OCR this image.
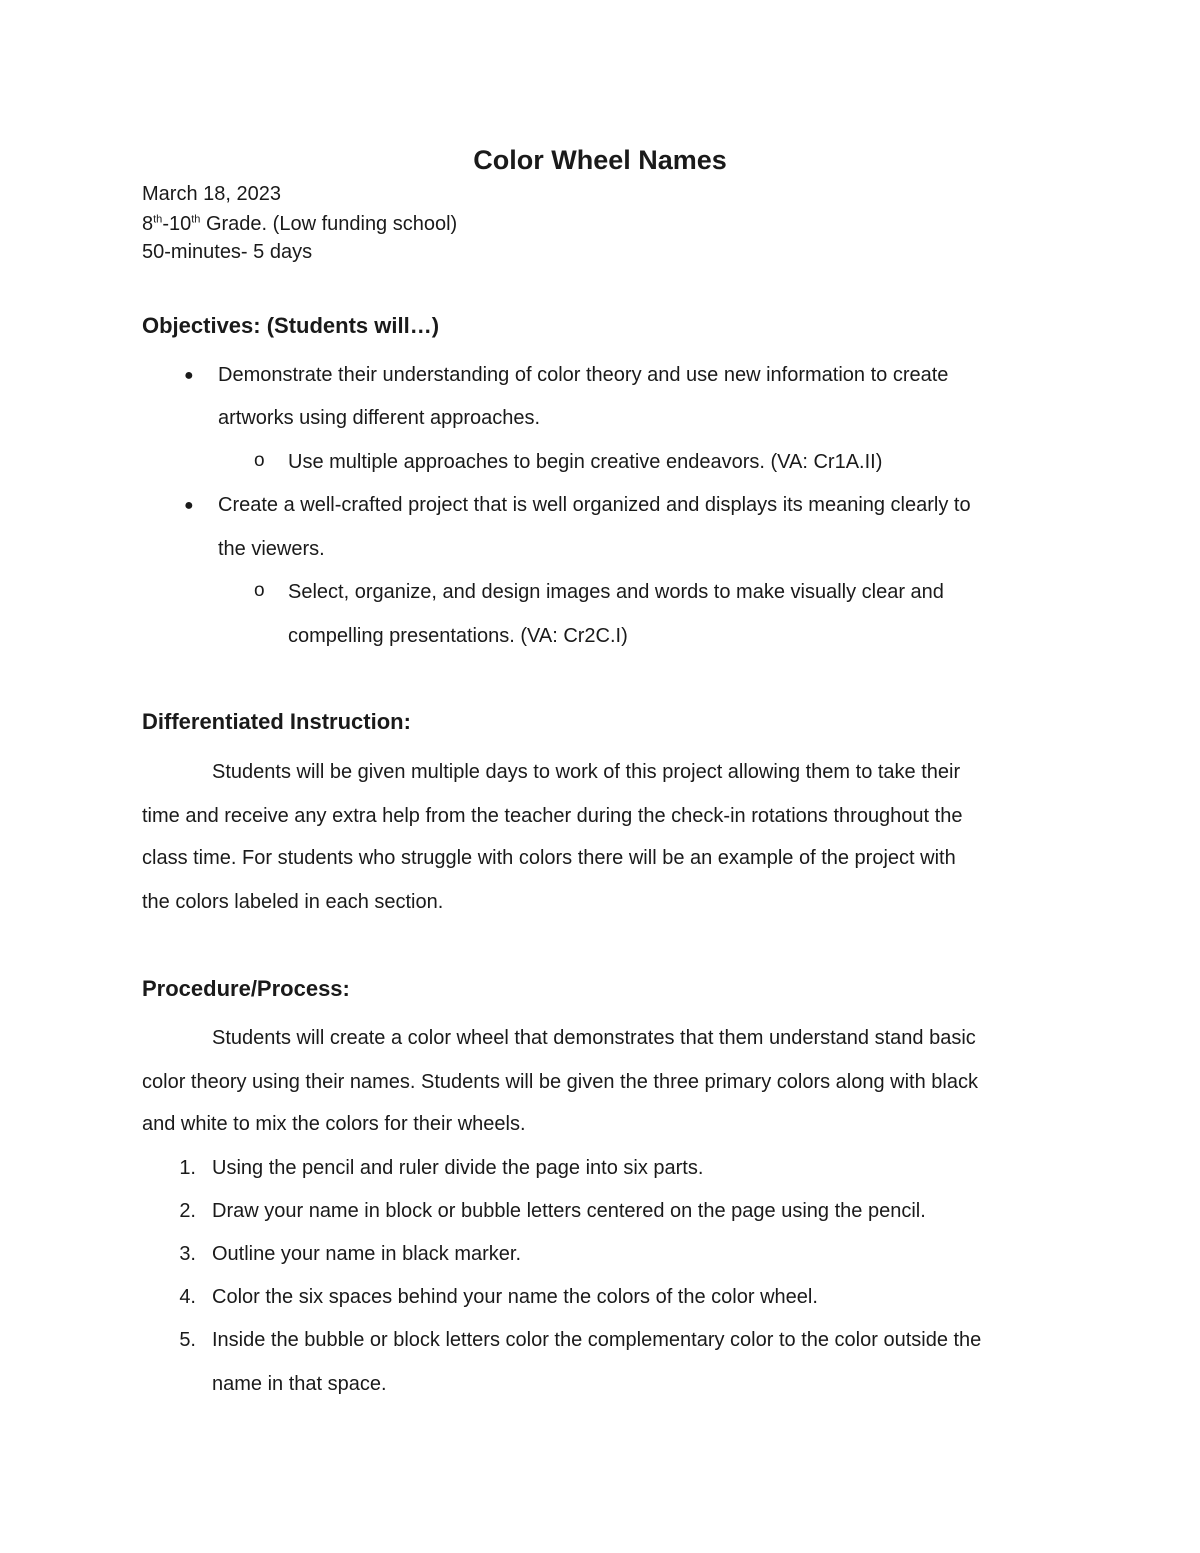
Color Wheel Names
March 18, 2023
8th-10th Grade. (Low funding school)
50-minutes- 5 days
Objectives: (Students will…)
● Demonstrate their understanding of color theory and use new information to create
artworks using different approaches.
o Use multiple approaches to begin creative endeavors. (VA: Cr1A.II)
● Create a well-crafted project that is well organized and displays its meaning clearly to
the viewers.
o Select, organize, and design images and words to make visually clear and
compelling presentations. (VA: Cr2C.I)
Differentiated Instruction:
Students will be given multiple days to work of this project allowing them to take their
time and receive any extra help from the teacher during the check-in rotations throughout the
class time. For students who struggle with colors there will be an example of the project with
the colors labeled in each section.
Procedure/Process:
Students will create a color wheel that demonstrates that them understand stand basic
color theory using their names. Students will be given the three primary colors along with black
and white to mix the colors for their wheels.
1. Using the pencil and ruler divide the page into six parts.
2. Draw your name in block or bubble letters centered on the page using the pencil.
3. Outline your name in black marker.
4. Color the six spaces behind your name the colors of the color wheel.
5. Inside the bubble or block letters color the complementary color to the color outside the
name in that space.
